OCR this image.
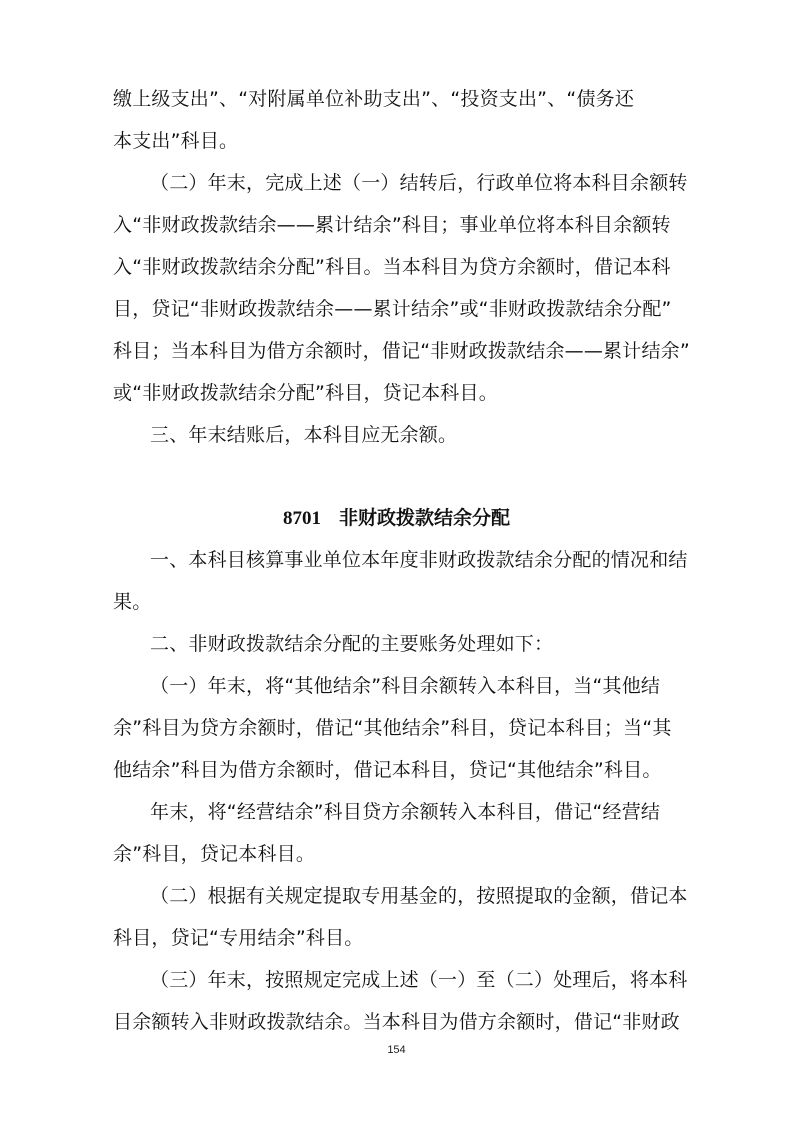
缴上级支出”、“对附属单位补助支出”、“投资支出”、“债务还
本支出”科目。
（二）年末，完成上述（一）结转后，行政单位将本科目余额转
入“非财政拨款结余——累计结余”科目；事业单位将本科目余额转
入“非财政拨款结余分配”科目。当本科目为贷方余额时，借记本科
目，贷记“非财政拨款结余——累计结余”或“非财政拨款结余分配”
科目；当本科目为借方余额时，借记“非财政拨款结余——累计结余”
或“非财政拨款结余分配”科目，贷记本科目。
三、年末结账后，本科目应无余额。
8701 非财政拨款结余分配
一、本科目核算事业单位本年度非财政拨款结余分配的情况和结
果。
二、非财政拨款结余分配的主要账务处理如下：
（一）年末，将“其他结余”科目余额转入本科目，当“其他结
余”科目为贷方余额时，借记“其他结余”科目，贷记本科目；当“其
他结余”科目为借方余额时，借记本科目，贷记“其他结余”科目。
年末，将“经营结余”科目贷方余额转入本科目，借记“经营结
余”科目，贷记本科目。
（二）根据有关规定提取专用基金的，按照提取的金额，借记本
科目，贷记“专用结余”科目。
（三）年末，按照规定完成上述（一）至（二）处理后，将本科
目余额转入非财政拨款结余。当本科目为借方余额时，借记“非财政
154
